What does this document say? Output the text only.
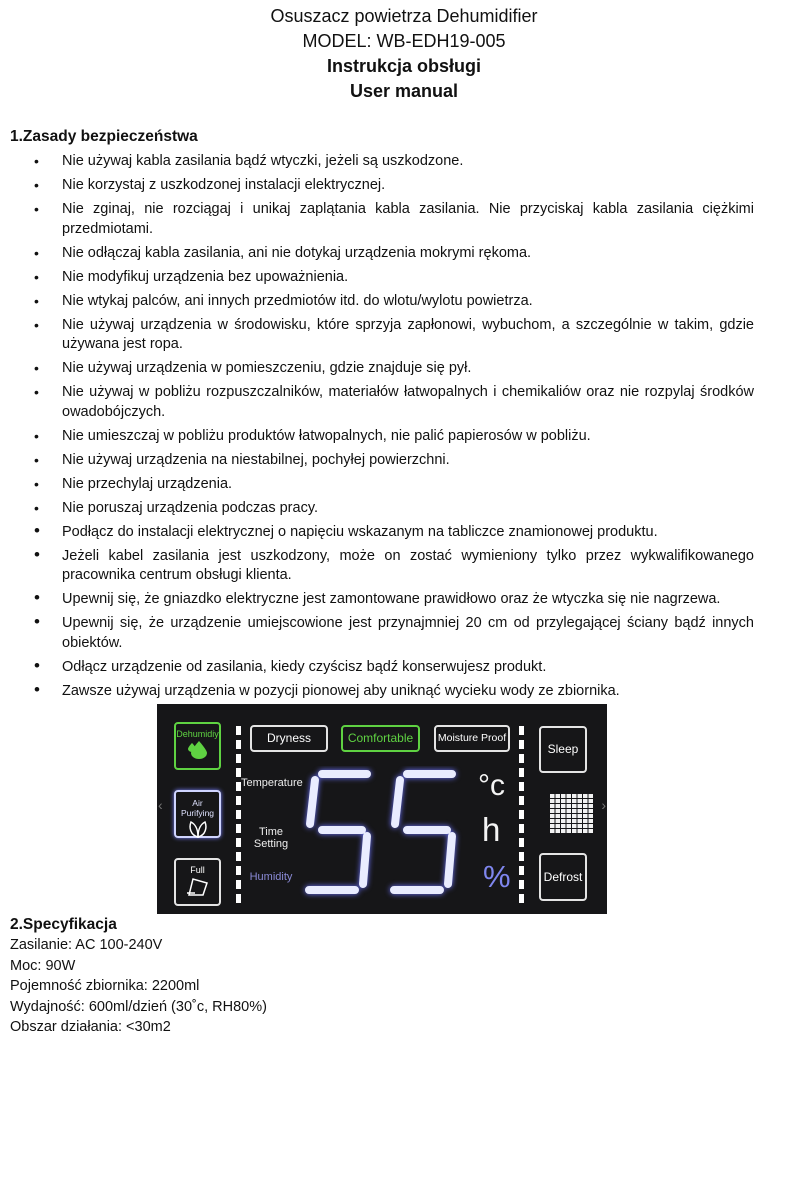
Osuszacz powietrza Dehumidifier
MODEL: WB-EDH19-005
Instrukcja obsługi
User manual
1.Zasady bezpieczeństwa
• Nie używaj kabla zasilania bądź wtyczki, jeżeli są uszkodzone.
• Nie korzystaj z uszkodzonej instalacji elektrycznej.
• Nie zginaj, nie rozciągaj i unikaj zaplątania kabla zasilania. Nie przyciskaj kabla zasilania ciężkimi przedmiotami.
• Nie odłączaj kabla zasilania, ani nie dotykaj urządzenia mokrymi rękoma.
• Nie modyfikuj urządzenia bez upoważnienia.
• Nie wtykaj palców, ani innych przedmiotów itd. do wlotu/wylotu powietrza.
• Nie używaj urządzenia w środowisku, które sprzyja zapłonowi, wybuchom, a szczególnie w takim, gdzie używana jest ropa.
• Nie używaj urządzenia w pomieszczeniu, gdzie znajduje się pył.
• Nie używaj w pobliżu rozpuszczalników, materiałów łatwopalnych i chemikaliów oraz nie rozpylaj środków owadobójczych.
• Nie umieszczaj w pobliżu produktów łatwopalnych, nie palić papierosów w pobliżu.
• Nie używaj urządzenia na niestabilnej, pochyłej powierzchni.
• Nie przechylaj urządzenia.
• Nie poruszaj urządzenia podczas pracy.
• Podłącz do instalacji elektrycznej o napięciu wskazanym na tabliczce znamionowej produktu.
• Jeżeli kabel zasilania jest uszkodzony, może on zostać wymieniony tylko przez wykwalifikowanego pracownika centrum obsługi klienta.
• Upewnij się, że gniazdko elektryczne jest zamontowane prawidłowo oraz że wtyczka się nie nagrzewa.
• Upewnij się, że urządzenie umiejscowione jest przynajmniej 20 cm od przylegającej ściany bądź innych obiektów.
• Odłącz urządzenie od zasilania, kiedy czyścisz bądź konserwujesz produkt.
• Zawsze używaj urządzenia w pozycji pionowej aby uniknąć wycieku wody ze zbiornika.
Dehumidiy
Air Purifying
Full
‹	›
Dryness	Comfortable	Moisture Proof
Temperature
Time Setting
Humidity
°c
h
%
Sleep
Defrost
2.Specyfikacja
Zasilanie: AC 100-240V
Moc: 90W
Pojemność zbiornika: 2200ml
Wydajność: 600ml/dzień (30˚c, RH80%)
Obszar działania: <30m2
